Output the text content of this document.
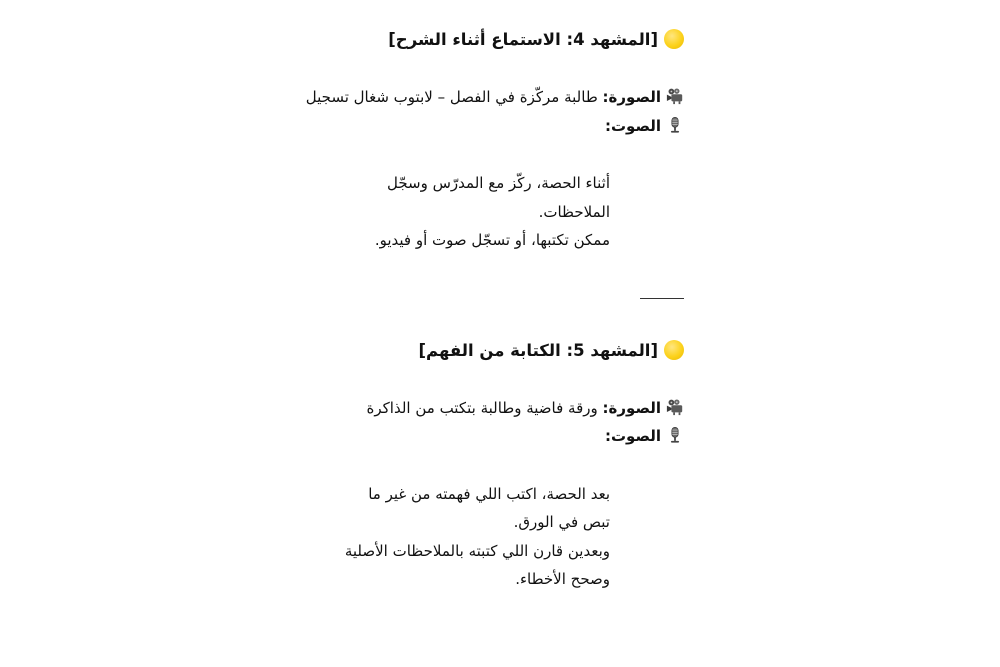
[المشهد 4: الاستماع أثناء الشرح]

الصورة: طالبة مركّزة في الفصل – لابتوب شغال تسجيل

الصوت:

أثناء الحصة، ركّز مع المدرّس وسجّل

الملاحظات.

ممكن تكتبها، أو تسجّل صوت أو فيديو.

[المشهد 5: الكتابة من الفهم]

الصورة: ورقة فاضية وطالبة بتكتب من الذاكرة

الصوت:

بعد الحصة، اكتب اللي فهمته من غير ما

تبص في الورق.

وبعدين قارن اللي كتبته بالملاحظات الأصلية

وصحح الأخطاء.
